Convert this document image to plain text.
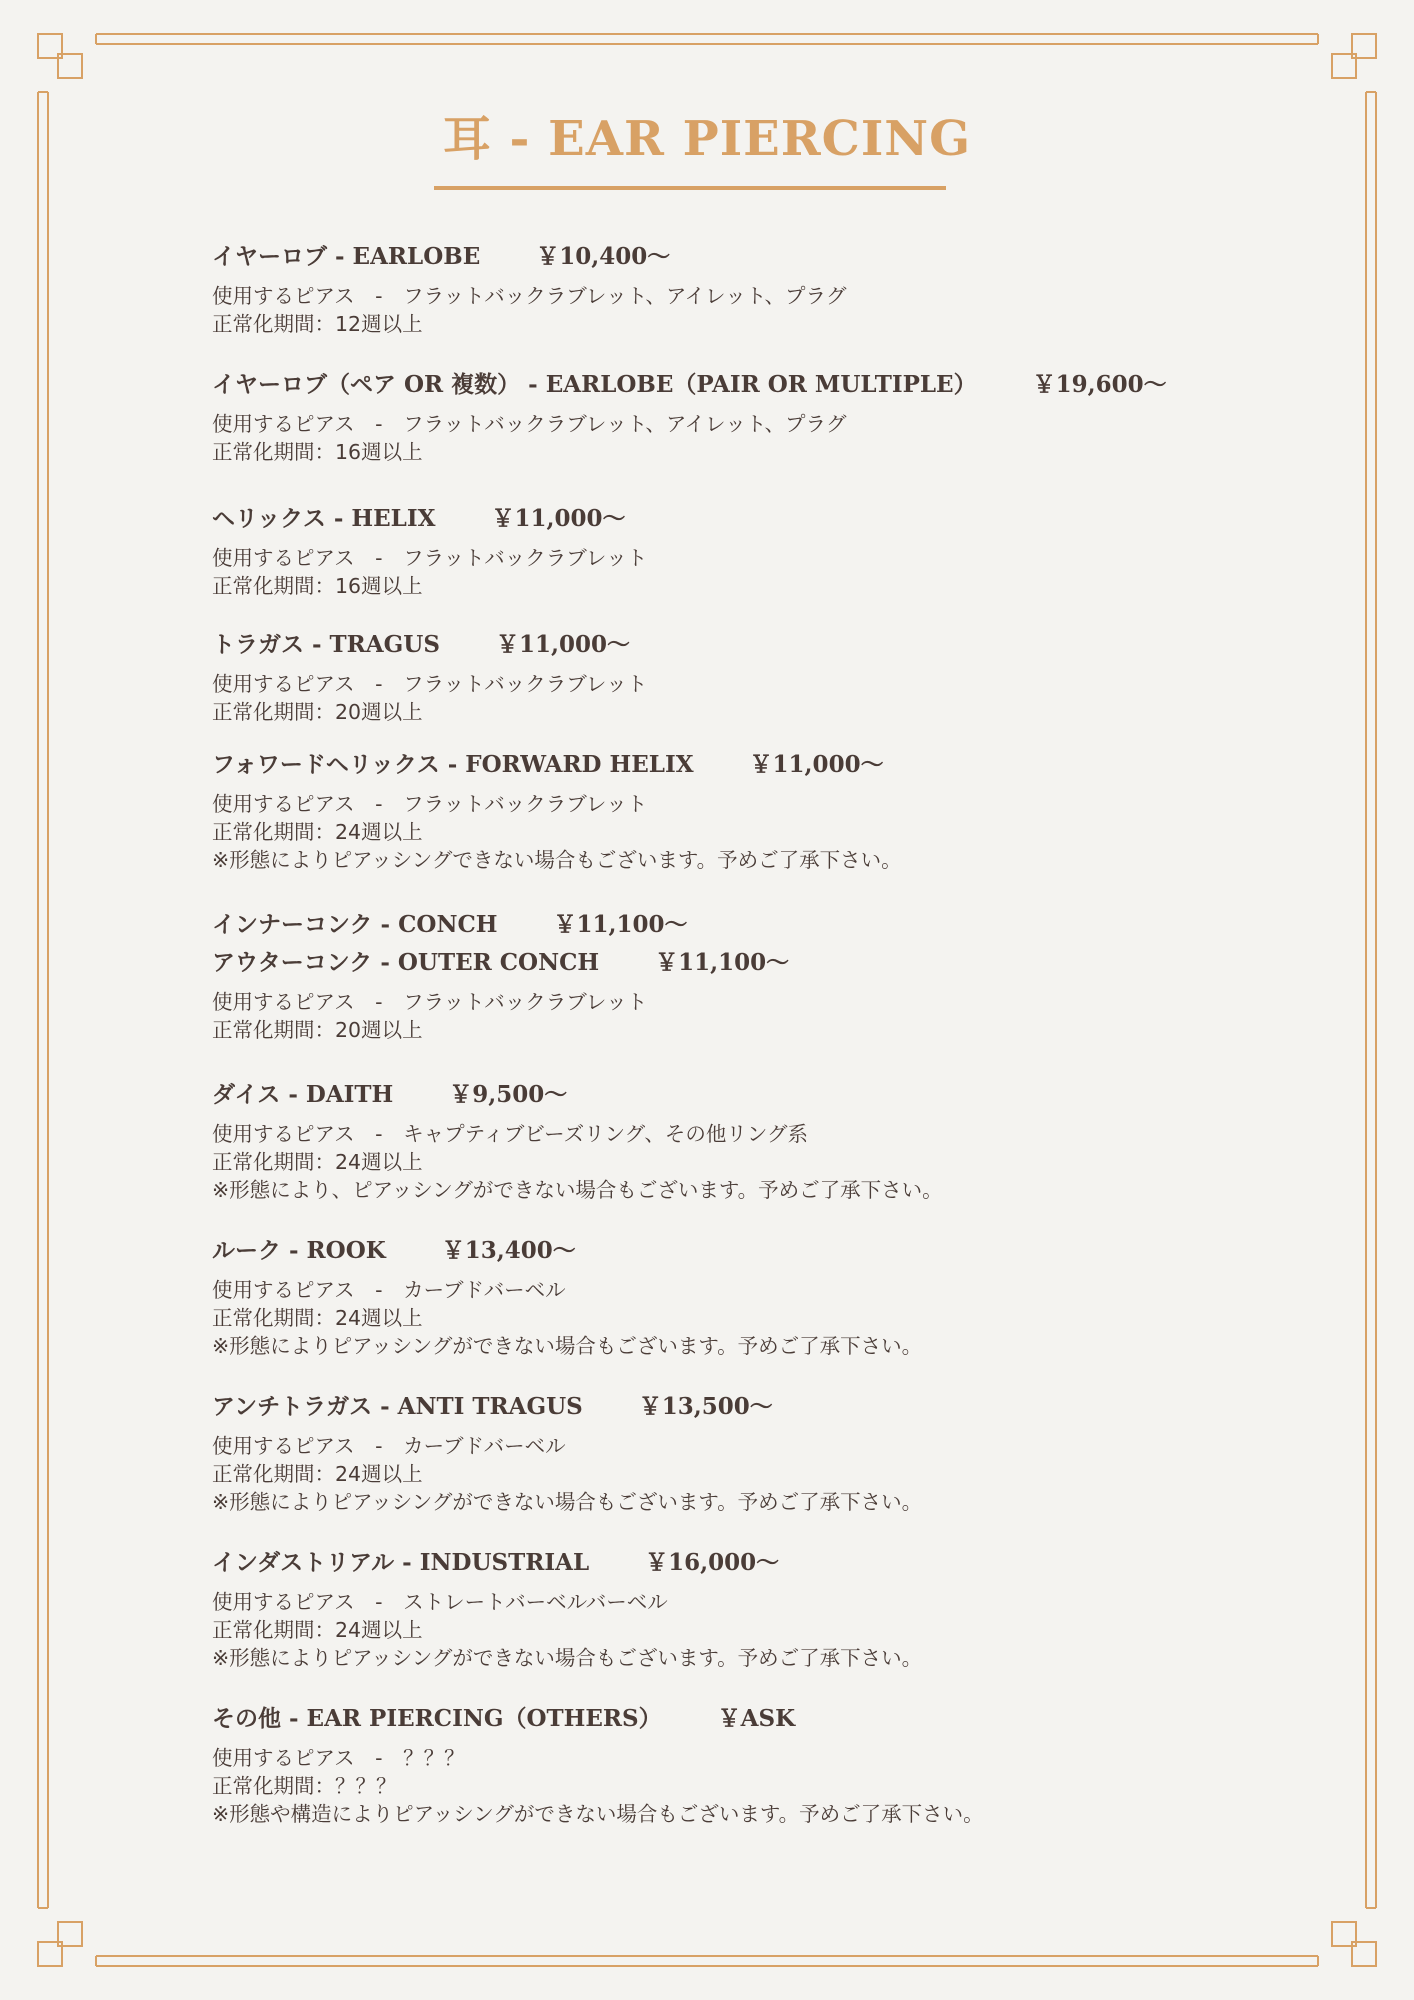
耳 - EAR PIERCING
イヤーロブ - EARLOBE ￥10,400〜
使用するピアス　-　フラットバックラブレット、アイレット、プラグ
正常化期間：12週以上
イヤーロブ（ペア OR 複数） - EARLOBE（PAIR OR MULTIPLE） ￥19,600〜
使用するピアス　-　フラットバックラブレット、アイレット、プラグ
正常化期間：16週以上
ヘリックス - HELIX ￥11,000〜
使用するピアス　-　フラットバックラブレット
正常化期間：16週以上
トラガス - TRAGUS ￥11,000〜
使用するピアス　-　フラットバックラブレット
正常化期間：20週以上
フォワードヘリックス - FORWARD HELIX ￥11,000〜
使用するピアス　-　フラットバックラブレット
正常化期間：24週以上
※形態によりピアッシングできない場合もございます。予めご了承下さい。
インナーコンク - CONCH ￥11,100〜
アウターコンク - OUTER CONCH ￥11,100〜
使用するピアス　-　フラットバックラブレット
正常化期間：20週以上
ダイス - DAITH ￥9,500〜
使用するピアス　-　キャプティブビーズリング、その他リング系
正常化期間：24週以上
※形態により、ピアッシングができない場合もございます。予めご了承下さい。
ルーク - ROOK ￥13,400〜
使用するピアス　-　カーブドバーベル
正常化期間：24週以上
※形態によりピアッシングができない場合もございます。予めご了承下さい。
アンチトラガス - ANTI TRAGUS ￥13,500〜
使用するピアス　-　カーブドバーベル
正常化期間：24週以上
※形態によりピアッシングができない場合もございます。予めご了承下さい。
インダストリアル - INDUSTRIAL ￥16,000〜
使用するピアス　-　ストレートバーベルバーベル
正常化期間：24週以上
※形態によりピアッシングができない場合もございます。予めご了承下さい。
その他 - EAR PIERCING（OTHERS） ￥ASK
使用するピアス　-　？？？
正常化期間：？？？
※形態や構造によりピアッシングができない場合もございます。予めご了承下さい。
